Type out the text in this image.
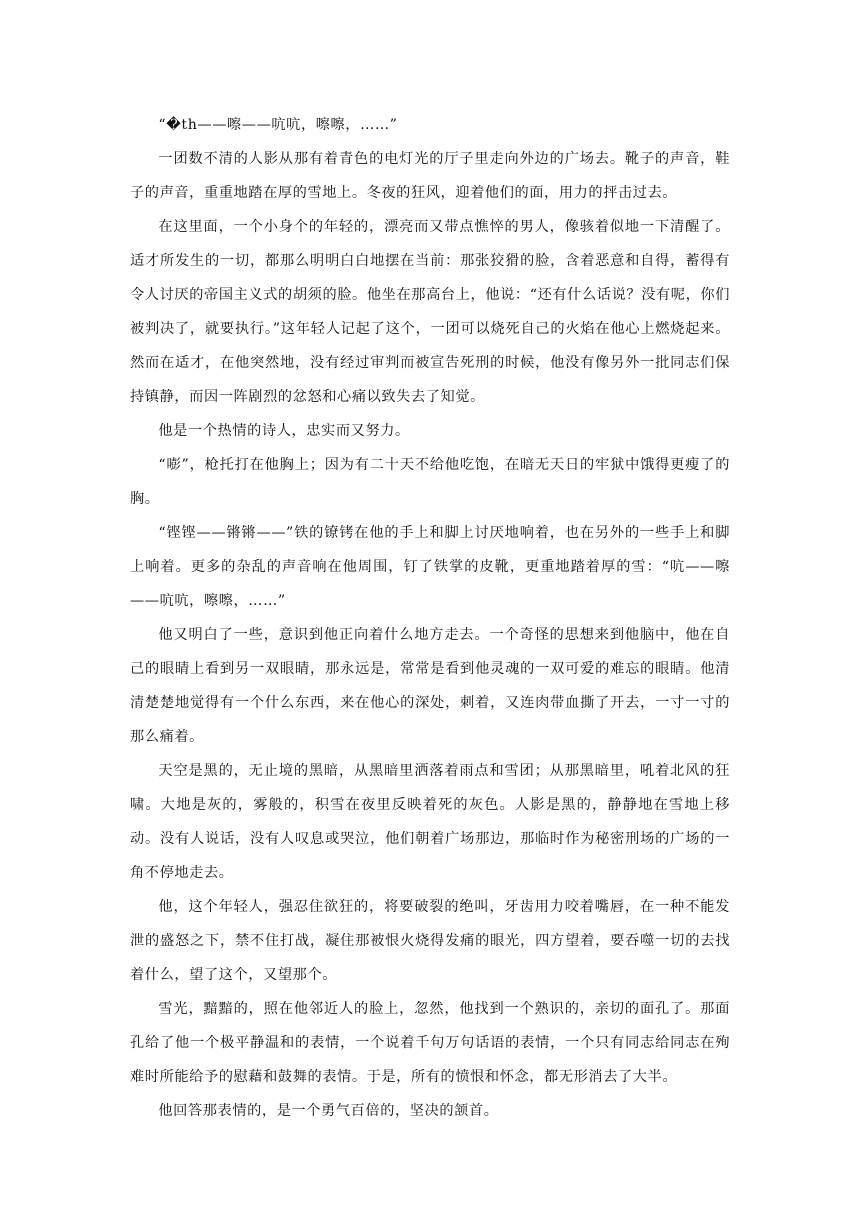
“�th——嚓——吭吭，嚓嚓，……”

一团数不清的人影从那有着青色的电灯光的厅子里走向外边的广场去。靴子的声音，鞋子的声音，重重地踏在厚的雪地上。冬夜的狂风，迎着他们的面，用力的抨击过去。

在这里面，一个小身个的年轻的，漂亮而又带点憔悴的男人，像骇着似地一下清醒了。适才所发生的一切，都那么明明白白地摆在当前：那张狡猾的脸，含着恶意和自得，蓄得有令人讨厌的帝国主义式的胡须的脸。他坐在那高台上，他说：“还有什么话说？没有呢，你们被判决了，就要执行。”这年轻人记起了这个，一团可以烧死自己的火焰在他心上燃烧起来。然而在适才，在他突然地，没有经过审判而被宣告死刑的时候，他没有像另外一批同志们保持镇静，而因一阵剧烈的忿怒和心痛以致失去了知觉。

他是一个热情的诗人，忠实而又努力。

“嘭”，枪托打在他胸上；因为有二十天不给他吃饱，在暗无天日的牢狱中饿得更瘦了的胸。

“铿铿——锵锵——”铁的镣铐在他的手上和脚上讨厌地响着，也在另外的一些手上和脚上响着。更多的杂乱的声音响在他周围，钉了铁掌的皮靴，更重地踏着厚的雪：“吭——嚓——吭吭，嚓嚓，……”

他又明白了一些，意识到他正向着什么地方走去。一个奇怪的思想来到他脑中，他在自己的眼睛上看到另一双眼睛，那永远是，常常是看到他灵魂的一双可爱的难忘的眼睛。他清清楚楚地觉得有一个什么东西，来在他心的深处，刺着，又连肉带血撕了开去，一寸一寸的那么痛着。

天空是黑的，无止境的黑暗，从黑暗里洒落着雨点和雪团；从那黑暗里，吼着北风的狂啸。大地是灰的，雾般的，积雪在夜里反映着死的灰色。人影是黑的，静静地在雪地上移动。没有人说话，没有人叹息或哭泣，他们朝着广场那边，那临时作为秘密刑场的广场的一角不停地走去。

他，这个年轻人，强忍住欲狂的，将要破裂的绝叫，牙齿用力咬着嘴唇，在一种不能发泄的盛怒之下，禁不住打战，凝住那被恨火烧得发痛的眼光，四方望着，要吞噬一切的去找着什么，望了这个，又望那个。

雪光，黯黯的，照在他邻近人的脸上，忽然，他找到一个熟识的，亲切的面孔了。那面孔给了他一个极平静温和的表情，一个说着千句万句话语的表情，一个只有同志给同志在殉难时所能给予的慰藉和鼓舞的表情。于是，所有的愤恨和怀念，都无形消去了大半。

他回答那表情的，是一个勇气百倍的，坚决的颔首。
